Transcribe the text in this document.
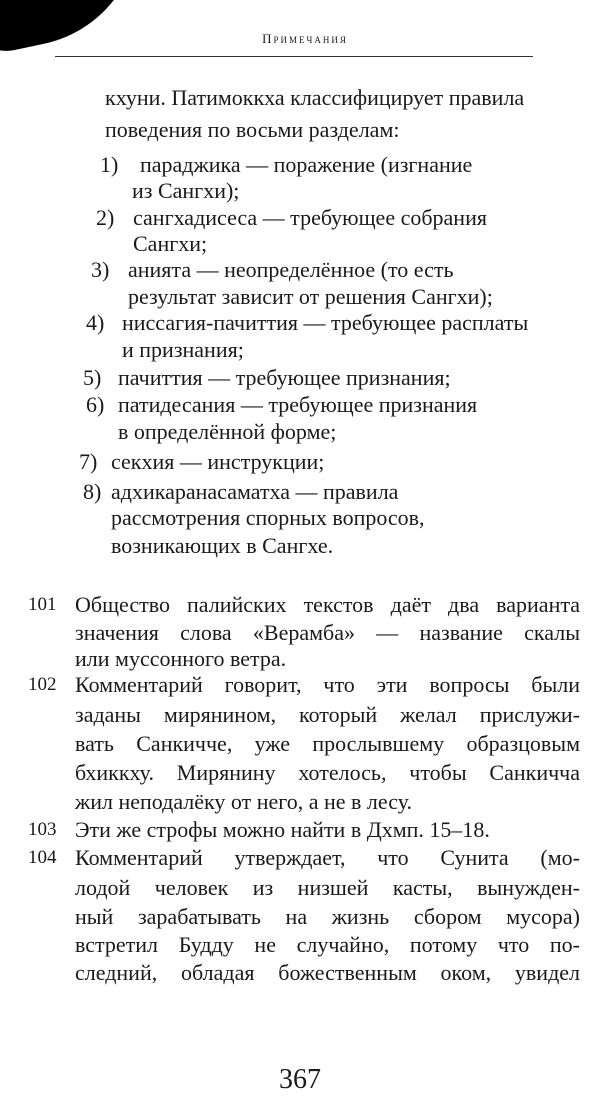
Примечания
кхуни. Патимоккха классифицирует правила
поведения по восьми разделам:
1) параджика — поражение (изгнание
из Сангхи);
2) сангхадисеса — требующее собрания
Сангхи;
3) анията — неопределённое (то есть
результат зависит от решения Сангхи);
4) ниссагия-пачиттия — требующее расплаты
и признания;
5) пачиттия — требующее признания;
6) патидесания — требующее признания
в определённой форме;
7) секхия — инструкции;
8) адхикаранасаматха — правила
рассмотрения спорных вопросов,
возникающих в Сангхе.
101 Общество палийских текстов даёт два варианта
значения слова «Верамба» — название скалы
или муссонного ветра.
102 Комментарий говорит, что эти вопросы были
заданы мирянином, который желал прислужи-
вать Санкичче, уже прослывшему образцовым
бхиккху. Мирянину хотелось, чтобы Санкичча
жил неподалёку от него, а не в лесу.
103 Эти же строфы можно найти в Дхмп. 15–18.
104 Комментарий утверждает, что Сунита (мо-
лодой человек из низшей касты, вынужден-
ный зарабатывать на жизнь сбором мусора)
встретил Будду не случайно, потому что по-
следний, обладая божественным оком, увидел
367
